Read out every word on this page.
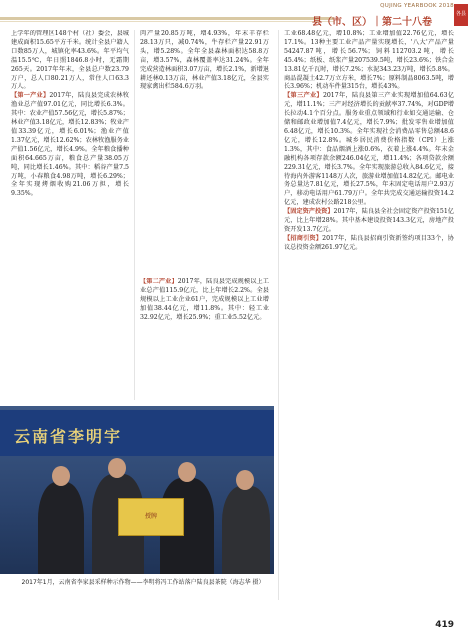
QUJING YEARBOOK 2018
县（市、区）｜第二十八卷
各县

上学年的管理区148个村（社）委会，县城建成面积15.65平方千米。统计全县户籍人口数85万人，城镇化率43.6%。年平均气温15.5℃，年日照1846.8小时，无霜期265天。2017年年末，全县总户数23.79万户，总人口80.21万人，常住人口63.3万人。

【第一产业】2017年，陆良县完成农林牧渔业总产值97.01亿元，同比增长6.3%。其中：农业产值57.56亿元，增长5.87%；林业产值3.18亿元，增长12.83%；牧业产值33.39亿元，增长6.01%；渔业产值1.37亿元，增长12.62%；农林牧渔服务业产值1.56亿元，增长4.9%。全年粮食播种面积64.665万亩，粮食总产量38.05万吨，同比增长1.46%。其中：稻谷产量7.5万吨，小春粮食4.98万吨，增长6.29%；全年实现烤烟收购21.06万担，增长9.35%。

肉产量20.85万吨，增4.93%，年末羊存栏28.13万只，减0.74%，牛存栏产量22.91万头，增5.28%。全年全县森林面积达58.8万亩，增3.57%，森林覆盖率达31.24%。全年完成营造林面积3.07万亩，增长2.1%，新增退耕还林0.13万亩，林业产值3.18亿元，全县实现家禽出栏584.6万羽。

【第二产业】2017年，陆良县完成规模以上工业总产值115.9亿元，比上年增长2.2%。全县规模以上工业企业61户，完成规模以上工业增加值38.44亿元，增11.8%。其中：轻工业32.92亿元，增长25.9%；重工业5.52亿元。

工业68.48亿元，增10.8%；工业增加值22.76亿元，增长17.1%。13种主要工业产品产量实现增长，'八大'产品产量54247.87吨，增长56.7%；饲料112703.2吨，增长45.4%；纸板、纸浆产量207539.5吨，增长23.6%；铁合金13.81亿千瓦时，增长7.2%；水泥343.23万吨，增长5.8%。

商品混凝土42.7万立方米，增长7%；原料制品8063.5吨，增长3.96%；机动车件量315台，增长43%。

【第三产业】2017年，陆良县第三产业实现增加值64.63亿元，增11.1%；三产对经济增长的贡献率37.74%，对GDP增长拉动4.1个百分点。服务业重点领域和行业如交通运输、仓储和邮政业增加值7.4亿元，增长7.9%；批发零售业增加值6.48亿元，增长10.3%。全年实现社会消费品零售总额48.6亿元，增长12.8%。城乡居民消费价格指数（CPI）上涨1.3%，其中：食品烟酒上涨0.6%，衣着上涨4.4%。年末金融机构各项存款余额246.04亿元，增11.4%；各项贷款余额229.31亿元，增长3.7%。全年实现旅游总收入84.6亿元，接待海内外游客1148万人次，旅游业增加值14.82亿元。邮电业务总量达7.81亿元，增长27.5%，年末固定电话用户2.93万户，移动电话用户61.79万户。全年共完成交通运输投资14.2亿元，建成农村公路218公里。

【固定资产投资】2017年，陆良县全社会固定资产投资151亿元，比上年增28%。其中基本建设投资143.3亿元，房地产投资开发13.7亿元。

【招商引资】2017年，陆良县招商引资新签约项目33个，协议总投资金额261.97亿元。

云南省李明宇
授牌
2017年1月，云南省李家县采样种示作物——李明将冯工作站落户陆良县茶院（海志华 摄）
419
